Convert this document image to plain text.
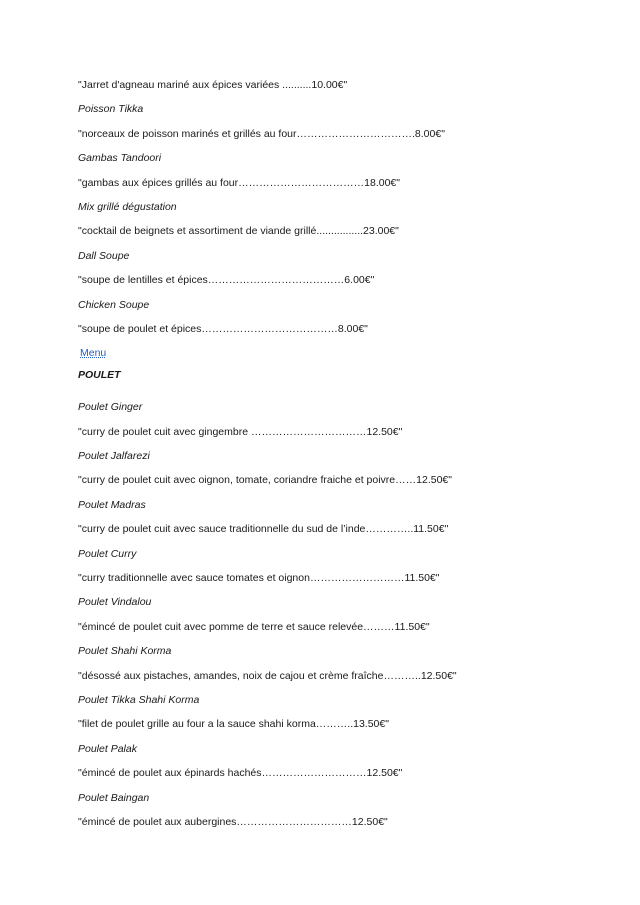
"Jarret d'agneau mariné aux épices variées ..........10.00€"
Poisson Tikka
"norceaux de poisson marinés et grillés au four…………………………….8.00€"
Gambas Tandoori
"gambas aux épices grillés au four………………………………18.00€"
Mix grillé dégustation
"cocktail de beignets et assortiment de viande grillé................23.00€"
Dall Soupe
"soupe de lentilles et épices…………………………………6.00€"
Chicken Soupe
"soupe de poulet et épices…………………………………8.00€"
Menu
POULET
Poulet Ginger
"curry de poulet cuit avec gingembre ……………………………12.50€"
Poulet Jalfarezi
"curry de poulet cuit avec oignon, tomate, coriandre fraiche et poivre……12.50€"
Poulet Madras
"curry de poulet cuit avec sauce traditionnelle du sud de l’inde…………..11.50€"
Poulet Curry
"curry traditionnelle avec sauce tomates et oignon………………………11.50€"
Poulet Vindalou
"émincé de poulet cuit avec pomme de terre et sauce relevée………11.50€"
Poulet Shahi Korma
"désossé aux pistaches, amandes, noix de cajou et crème fraîche………..12.50€"
Poulet Tikka Shahi Korma
"filet de poulet grille au four a la sauce shahi korma………..13.50€"
Poulet Palak
"émincé de poulet aux épinards hachés…………………………12.50€"
Poulet Baingan
"émincé de poulet aux aubergines……………………………12.50€"
